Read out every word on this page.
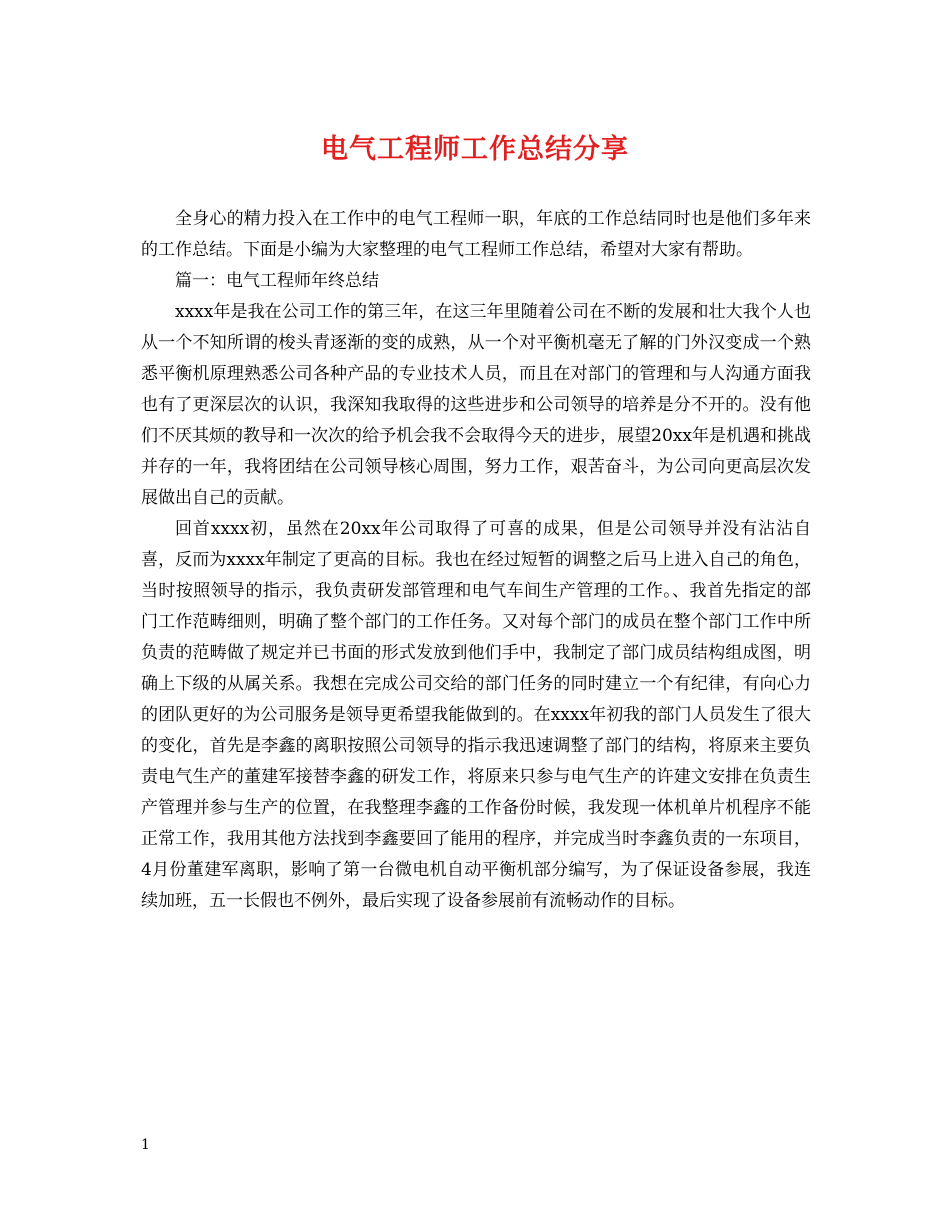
电气工程师工作总结分享

全身心的精力投入在工作中的电气工程师一职，年底的工作总结同时也是他们多年来的工作总结。下面是小编为大家整理的电气工程师工作总结，希望对大家有帮助。

篇一：电气工程师年终总结

xxxx年是我在公司工作的第三年，在这三年里随着公司在不断的发展和壮大我个人也从一个不知所谓的梭头青逐渐的变的成熟，从一个对平衡机毫无了解的门外汉变成一个熟悉平衡机原理熟悉公司各种产品的专业技术人员，而且在对部门的管理和与人沟通方面我也有了更深层次的认识，我深知我取得的这些进步和公司领导的培养是分不开的。没有他们不厌其烦的教导和一次次的给予机会我不会取得今天的进步，展望20xx年是机遇和挑战并存的一年，我将团结在公司领导核心周围，努力工作，艰苦奋斗，为公司向更高层次发展做出自己的贡献。

回首xxxx初，虽然在20xx年公司取得了可喜的成果，但是公司领导并没有沾沾自喜，反而为xxxx年制定了更高的目标。我也在经过短暂的调整之后马上进入自己的角色，当时按照领导的指示，我负责研发部管理和电气车间生产管理的工作。、我首先指定的部门工作范畴细则，明确了整个部门的工作任务。又对每个部门的成员在整个部门工作中所负责的范畴做了规定并已书面的形式发放到他们手中，我制定了部门成员结构组成图，明确上下级的从属关系。我想在完成公司交给的部门任务的同时建立一个有纪律，有向心力的团队更好的为公司服务是领导更希望我能做到的。在xxxx年初我的部门人员发生了很大的变化，首先是李鑫的离职按照公司领导的指示我迅速调整了部门的结构，将原来主要负责电气生产的董建军接替李鑫的研发工作，将原来只参与电气生产的许建文安排在负责生产管理并参与生产的位置，在我整理李鑫的工作备份时候，我发现一体机单片机程序不能正常工作，我用其他方法找到李鑫要回了能用的程序，并完成当时李鑫负责的一东项目， 4月份董建军离职，影响了第一台微电机自动平衡机部分编写，为了保证设备参展，我连续加班，五一长假也不例外，最后实现了设备参展前有流畅动作的目标。

1
